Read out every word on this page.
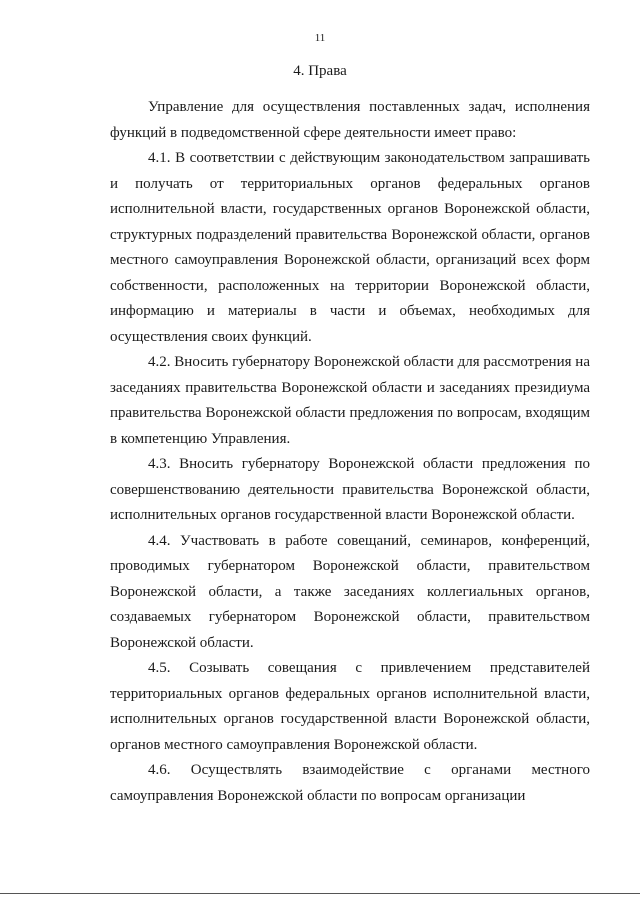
11
4. Права

Управление для осуществления поставленных задач, исполнения функций в подведомственной сфере деятельности имеет право:

4.1. В соответствии с действующим законодательством запрашивать и получать от территориальных органов федеральных органов исполнительной власти, государственных органов Воронежской области, структурных подразделений правительства Воронежской области, органов местного самоуправления Воронежской области, организаций всех форм собственности, расположенных на территории Воронежской области, информацию и материалы в части и объемах, необходимых для осуществления своих функций.

4.2. Вносить губернатору Воронежской области для рассмотрения на заседаниях правительства Воронежской области и заседаниях президиума правительства Воронежской области предложения по вопросам, входящим в компетенцию Управления.

4.3. Вносить губернатору Воронежской области предложения по совершенствованию деятельности правительства Воронежской области, исполнительных органов государственной власти Воронежской области.

4.4. Участвовать в работе совещаний, семинаров, конференций, проводимых губернатором Воронежской области, правительством Воронежской области, а также заседаниях коллегиальных органов, создаваемых губернатором Воронежской области, правительством Воронежской области.

4.5. Созывать совещания с привлечением представителей территориальных органов федеральных органов исполнительной власти, исполнительных органов государственной власти Воронежской области, органов местного самоуправления Воронежской области.

4.6. Осуществлять взаимодействие с органами местного самоуправления Воронежской области по вопросам организации
